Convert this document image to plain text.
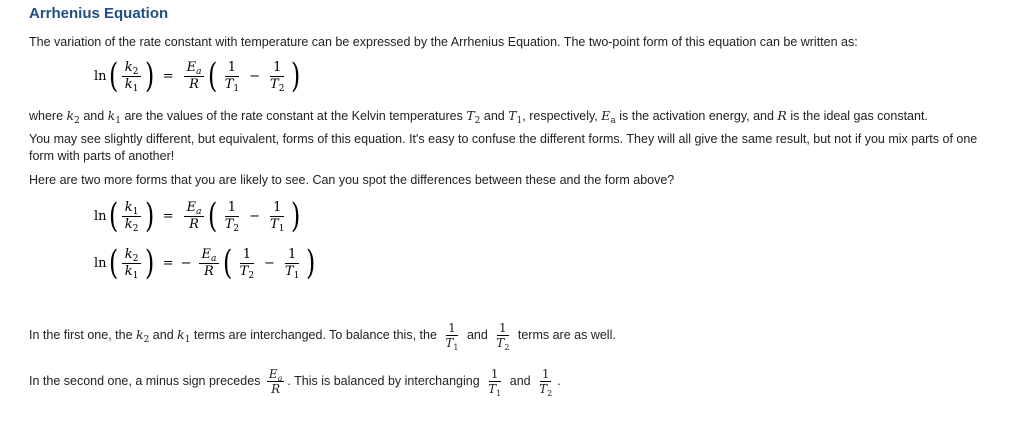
Arrhenius Equation
The variation of the rate constant with temperature can be expressed by the Arrhenius Equation. The two-point form of this equation can be written as:
ln ( $\frac{k_2}{k_1}$ ) = $\frac{E_a}{R}$ ( $\frac{1}{T_1} - \frac{1}{T_2}$ )
where $k_2$ and $k_1$ are the values of the rate constant at the Kelvin temperatures $T_2$ and $T_1$, respectively, $E_a$ is the activation energy, and R is the ideal gas constant.
You may see slightly different, but equivalent, forms of this equation. It's easy to confuse the different forms. They will all give the same result, but not if you mix parts of one form with parts of another!
Here are two more forms that you are likely to see. Can you spot the differences between these and the form above?
ln ( $\frac{k_1}{k_2}$ ) = $\frac{E_a}{R}$ ( $\frac{1}{T_2} - \frac{1}{T_1}$ )
ln ( $\frac{k_2}{k_1}$ ) = − $\frac{E_a}{R}$ ( $\frac{1}{T_2} - \frac{1}{T_1}$ )
In the first one, the $k_2$ and $k_1$ terms are interchanged. To balance this, the $\frac{1}{T_1}$ and $\frac{1}{T_2}$ terms are as well.
In the second one, a minus sign precedes $\frac{E_a}{R}$ . This is balanced by interchanging $\frac{1}{T_1}$ and $\frac{1}{T_2}$ .
